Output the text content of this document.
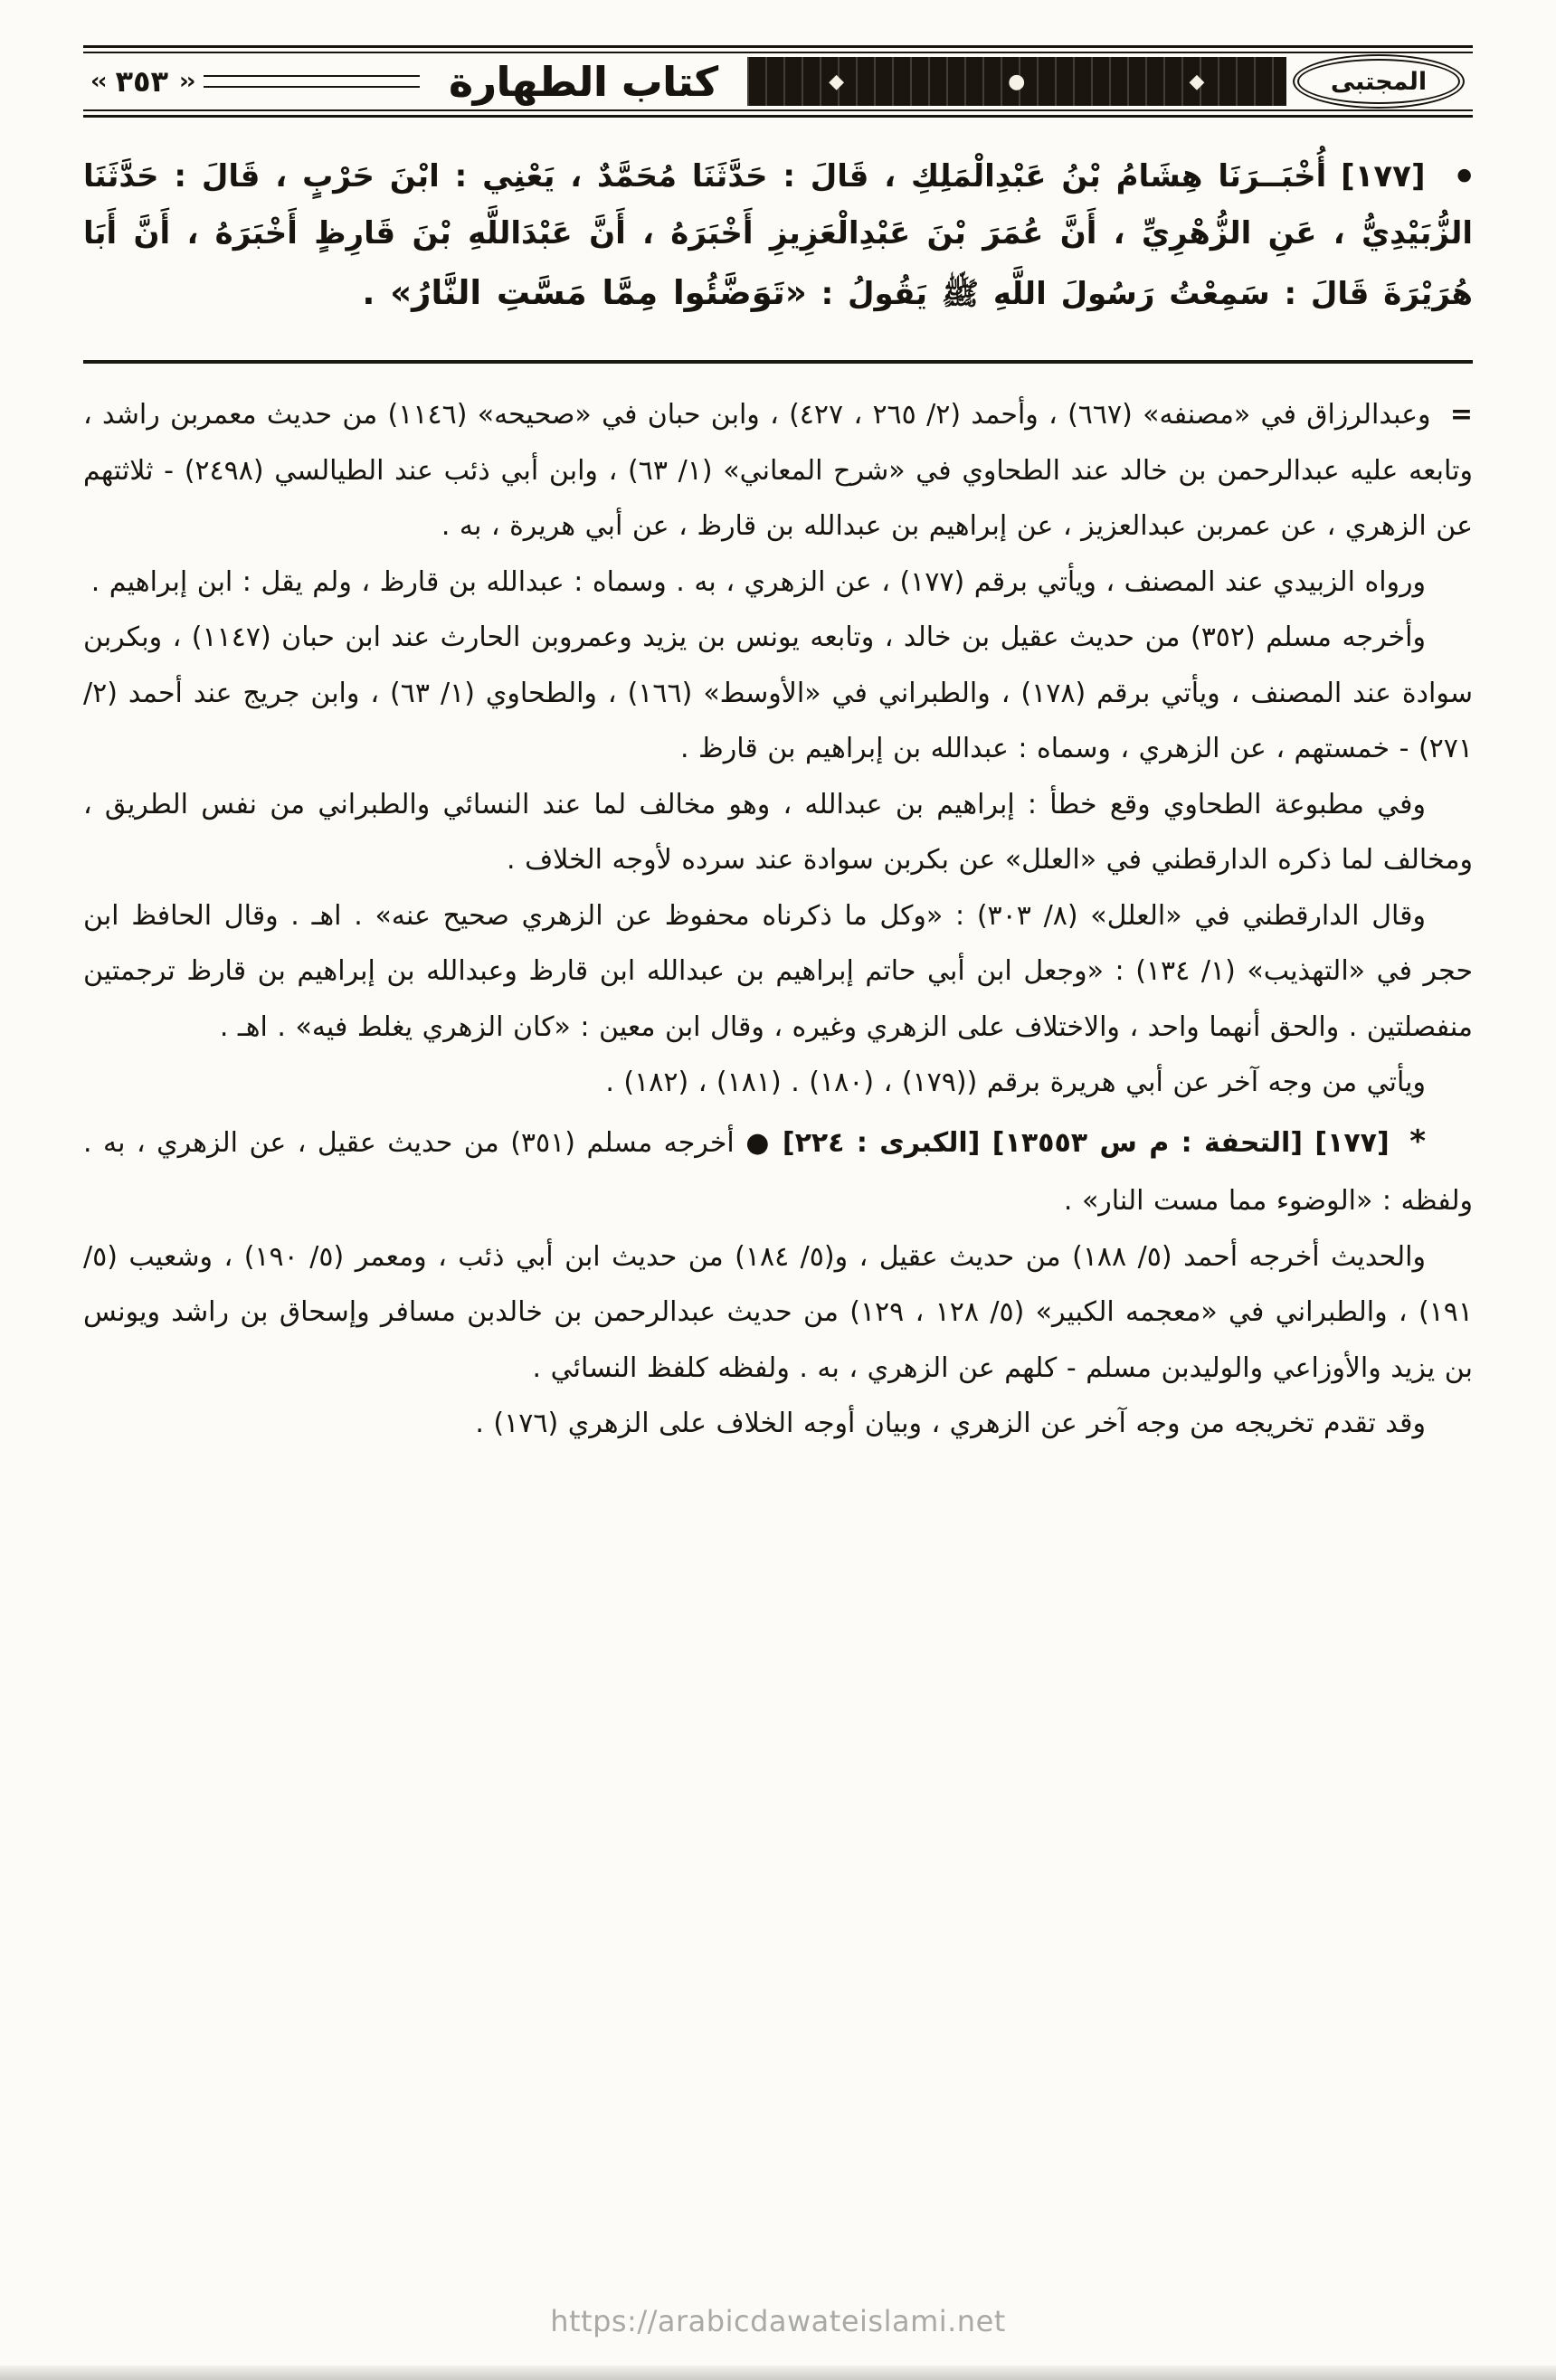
‹‹ ٣٥٣ ››	كتاب الطهارة	◆	●	◆	المجتبى

● [١٧٧] أُخْبَــرَنَا هِشَامُ بْنُ عَبْدِالْمَلِكِ ، قَالَ : حَدَّثَنَا مُحَمَّدٌ ، يَعْنِي : ابْنَ حَرْبٍ ، قَالَ : حَدَّثَنَا الزُّبَيْدِيُّ ، عَنِ الزُّهْرِيِّ ، أَنَّ عُمَرَ بْنَ عَبْدِالْعَزِيزِ أَخْبَرَهُ ، أَنَّ عَبْدَاللَّهِ بْنَ قَارِظٍ أَخْبَرَهُ ، أَنَّ أَبَا هُرَيْرَةَ قَالَ : سَمِعْتُ رَسُولَ اللَّهِ ﷺ يَقُولُ : «تَوَضَّئُوا مِمَّا مَسَّتِ النَّارُ» .

= وعبدالرزاق في «مصنفه» (٦٦٧) ، وأحمد (٢/ ٢٦٥ ، ٤٢٧) ، وابن حبان في «صحيحه» (١١٤٦) من حديث معمربن راشد ، وتابعه عليه عبدالرحمن بن خالد عند الطحاوي في «شرح المعاني» (١/ ٦٣) ، وابن أبي ذئب عند الطيالسي (٢٤٩٨) - ثلاثتهم عن الزهري ، عن عمربن عبدالعزيز ، عن إبراهيم بن عبدالله بن قارظ ، عن أبي هريرة ، به .

ورواه الزبيدي عند المصنف ، ويأتي برقم (١٧٧) ، عن الزهري ، به . وسماه : عبدالله بن قارظ ، ولم يقل : ابن إبراهيم .

وأخرجه مسلم (٣٥٢) من حديث عقيل بن خالد ، وتابعه يونس بن يزيد وعمروبن الحارث عند ابن حبان (١١٤٧) ، وبكربن سوادة عند المصنف ، ويأتي برقم (١٧٨) ، والطبراني في «الأوسط» (١٦٦) ، والطحاوي (١/ ٦٣) ، وابن جريج عند أحمد (٢/ ٢٧١) - خمستهم ، عن الزهري ، وسماه : عبدالله بن إبراهيم بن قارظ .

وفي مطبوعة الطحاوي وقع خطأ : إبراهيم بن عبدالله ، وهو مخالف لما عند النسائي والطبراني من نفس الطريق ، ومخالف لما ذكره الدارقطني في «العلل» عن بكربن سوادة عند سرده لأوجه الخلاف .

وقال الدارقطني في «العلل» (٨/ ٣٠٣) : «وكل ما ذكرناه محفوظ عن الزهري صحيح عنه» . اهـ . وقال الحافظ ابن حجر في «التهذيب» (١/ ١٣٤) : «وجعل ابن أبي حاتم إبراهيم بن عبدالله ابن قارظ وعبدالله بن إبراهيم بن قارظ ترجمتين منفصلتين . والحق أنهما واحد ، والاختلاف على الزهري وغيره ، وقال ابن معين : «كان الزهري يغلط فيه» . اهـ .

ويأتي من وجه آخر عن أبي هريرة برقم ((١٧٩) ، (١٨٠) . (١٨١) ، (١٨٢) .

* [١٧٧] [التحفة : م س ١٣٥٥٣] [الكبرى : ٢٢٤] ● أخرجه مسلم (٣٥١) من حديث عقيل ، عن الزهري ، به . ولفظه : «الوضوء مما مست النار» .

والحديث أخرجه أحمد (٥/ ١٨٨) من حديث عقيل ، و(٥/ ١٨٤) من حديث ابن أبي ذئب ، ومعمر (٥/ ١٩٠) ، وشعيب (٥/ ١٩١) ، والطبراني في «معجمه الكبير» (٥/ ١٢٨ ، ١٢٩) من حديث عبدالرحمن بن خالدبن مسافر وإسحاق بن راشد ويونس بن يزيد والأوزاعي والوليدبن مسلم - كلهم عن الزهري ، به . ولفظه كلفظ النسائي .

وقد تقدم تخريجه من وجه آخر عن الزهري ، وبيان أوجه الخلاف على الزهري (١٧٦) .

https://arabicdawateislami.net
